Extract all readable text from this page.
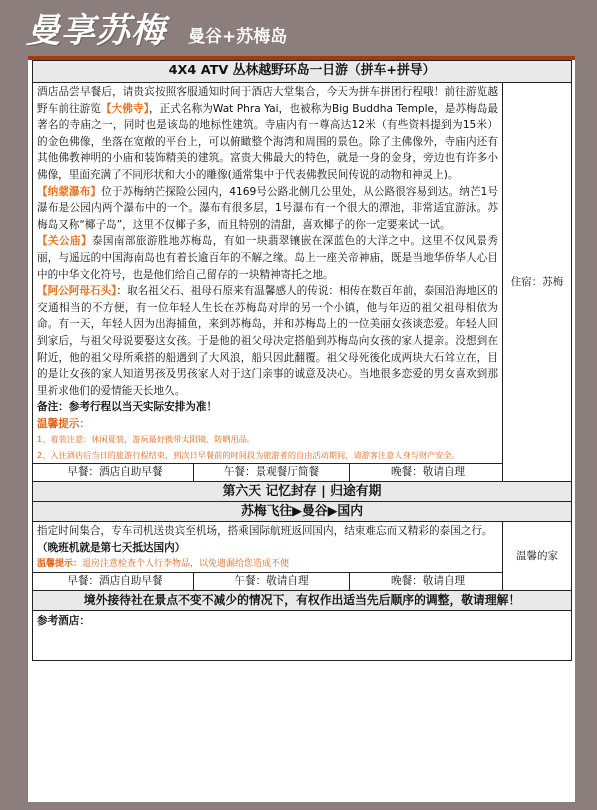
曼享苏梅 曼谷+苏梅岛
4X4 ATV 丛林越野环岛一日游（拼车+拼导）

酒店品尝早餐后，请贵宾按照客服通知时间于酒店大堂集合，今天为拼车拼团行程哦！前往游览越野车前往游览【大佛寺】，正式名称为Wat Phra Yai，也被称为Big Buddha Temple，是苏梅岛最著名的寺庙之一，同时也是该岛的地标性建筑。寺庙内有一尊高达12米（有些资料提到为15米）的金色佛像，坐落在宽敞的平台上，可以俯瞰整个海湾和周围的景色。除了主佛像外，寺庙内还有其他佛教神明的小庙和装饰精美的建筑。富贵大佛最大的特色，就是一身的金身，旁边也有许多小佛像，里面充满了不同形状和大小的雕像(通常集中于代表佛教民间传说的动物和神灵上)。
【纳蒙瀑布】位于苏梅纳芒探险公园内，4169号公路北侧几公里处，从公路很容易到达。纳芒1号瀑布是公园内两个瀑布中的一个。瀑布有很多层，1号瀑布有一个很大的潭池，非常适宜游泳。苏梅岛又称“椰子岛”，这里不仅椰子多，而且特别的清甜，喜欢椰子的你一定要来试一试。
【关公庙】泰国南部旅游胜地苏梅岛，有如一块翡翠镶嵌在深蓝色的大洋之中。这里不仅风景秀丽，与遥远的中国海南岛也有着长逾百年的不解之缘。岛上一座关帝神庙，既是当地华侨华人心目中的中华文化符号，也是他们给自己留存的一块精神寄托之地。
【阿公阿母石头】：取名祖父石、祖母石原来有温馨感人的传说：相传在数百年前，泰国沿海地区的交通相当的不方便，有一位年轻人生长在苏梅岛对岸的另一个小镇，他与年迈的祖父祖母相依为命。有一天，年轻人因为出海捕鱼，来到苏梅岛，并和苏梅岛上的一位美丽女孩谈恋爱。年轻人回到家后，与祖父母说要娶这女孩。于是他的祖父母决定搭船到苏梅岛向女孩的家人提亲。没想到在附近，他的祖父母所乘搭的船遇到了大风浪，船只因此翻覆。祖父母死後化成两块大石耸立在，目的是让女孩的家人知道男孩及男孩家人对于这门亲事的诚意及决心。当地很多恋爱的男女喜欢到那里祈求他们的爱情能天长地久。
备注：参考行程以当天实际安排为准！
温馨提示：
1、着装注意：休闲夏装，游玩最好携带太阳镜、防晒用品。
2、入住酒店后当日的旅游行程结束，到次日早餐前的时间段为旅游者的自由活动期间，请游客注意人身与财产安全。
	住宿：苏梅

早餐：酒店自助早餐	午餐：景观餐厅简餐	晚餐：敬请自理

第六天 记忆封存 | 归途有期
苏梅飞往▶曼谷▶国内

指定时间集合，专车司机送贵宾至机场，搭乘国际航班返回国内，结束难忘而又精彩的泰国之行。
（晚班机就是第七天抵达国内）
温馨提示：退房注意检查个人行李物品，以免遗漏给您造成不便
	温馨的家

早餐：酒店自助早餐	午餐：敬请自理	晚餐：敬请自理

境外接待社在景点不变不减少的情况下，有权作出适当先后顺序的调整，敬请理解！
参考酒店：
